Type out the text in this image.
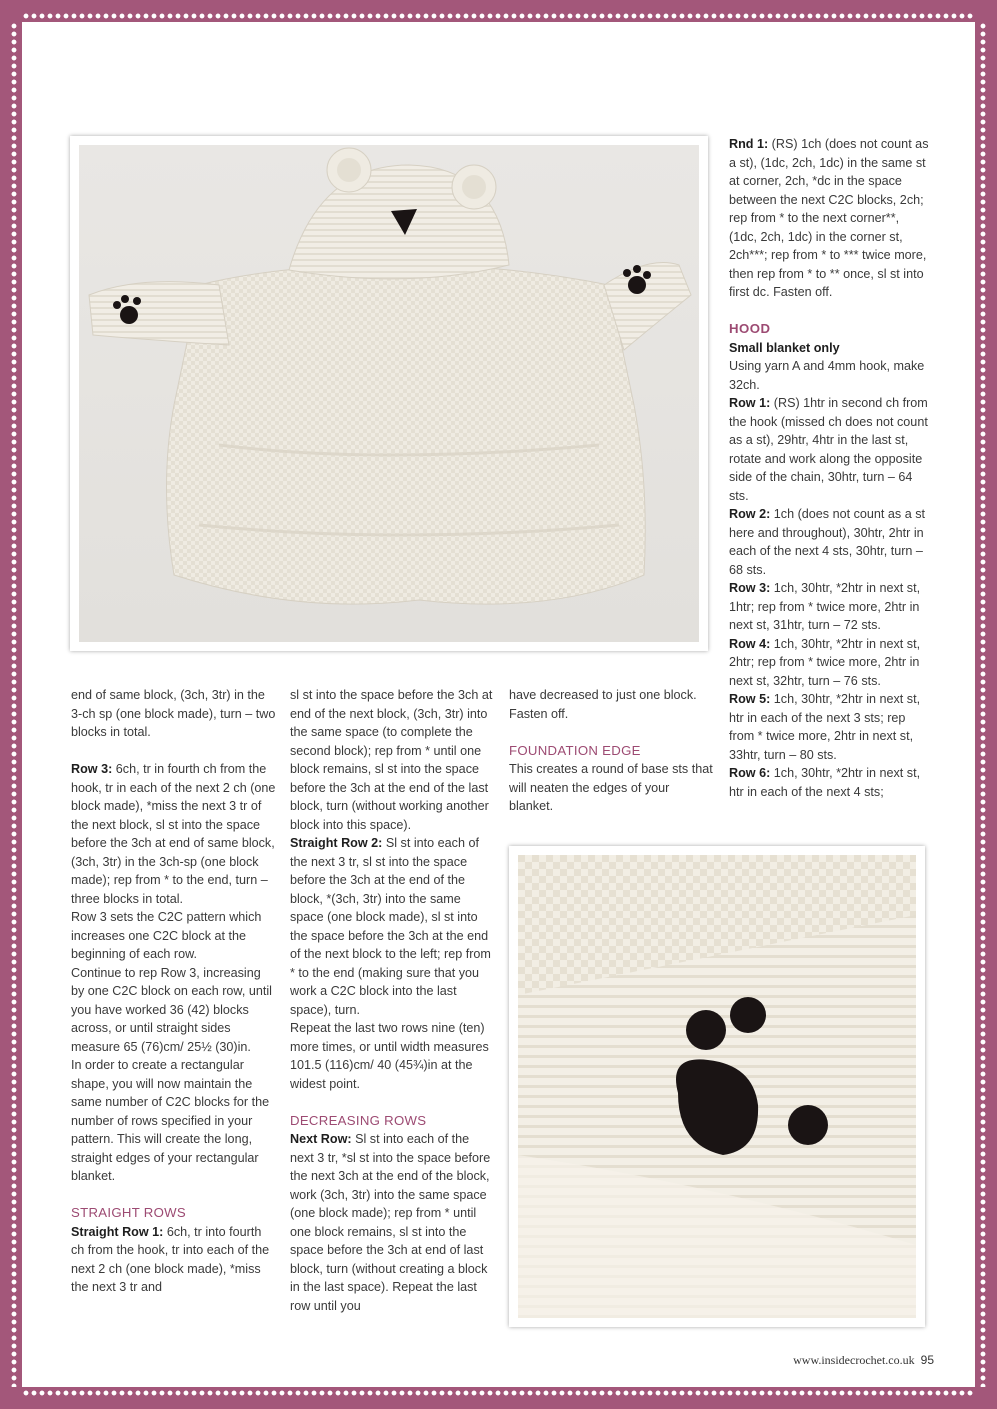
end of same block, (3ch, 3tr) in the 3-ch sp (one block made), turn – two blocks in total.

Row 3: 6ch, tr in fourth ch from the hook, tr in each of the next 2 ch (one block made), *miss the next 3 tr of the next block, sl st into the space before the 3ch at end of same block, (3ch, 3tr) in the 3ch-sp (one block made); rep from * to the end, turn – three blocks in total.

Row 3 sets the C2C pattern which increases one C2C block at the beginning of each row.

Continue to rep Row 3, increasing by one C2C block on each row, until you have worked 36 (42) blocks across, or until straight sides measure 65 (76)cm/ 25½ (30)in.

In order to create a rectangular shape, you will now maintain the same number of C2C blocks for the number of rows specified in your pattern. This will create the long, straight edges of your rectangular blanket.

STRAIGHT ROWS

Straight Row 1: 6ch, tr into fourth ch from the hook, tr into each of the next 2 ch (one block made), *miss the next 3 tr and

sl st into the space before the 3ch at end of the next block, (3ch, 3tr) into the same space (to complete the second block); rep from * until one block remains, sl st into the space before the 3ch at the end of the last block, turn (without working another block into this space).

Straight Row 2: Sl st into each of the next 3 tr, sl st into the space before the 3ch at the end of the block, *(3ch, 3tr) into the same space (one block made), sl st into the space before the 3ch at the end of the next block to the left; rep from * to the end (making sure that you work a C2C block into the last space), turn.

Repeat the last two rows nine (ten) more times, or until width measures 101.5 (116)cm/ 40 (45¾)in at the widest point.

DECREASING ROWS

Next Row: Sl st into each of the next 3 tr, *sl st into the space before the next 3ch at the end of the block, work (3ch, 3tr) into the same space (one block made); rep from * until one block remains, sl st into the space before the 3ch at end of last block, turn (without creating a block in the last space). Repeat the last row until you

have decreased to just one block. Fasten off.

FOUNDATION EDGE

This creates a round of base sts that will neaten the edges of your blanket.

Rnd 1: (RS) 1ch (does not count as a st), (1dc, 2ch, 1dc) in the same st at corner, 2ch, *dc in the space between the next C2C blocks, 2ch; rep from * to the next corner**, (1dc, 2ch, 1dc) in the corner st, 2ch***; rep from * to *** twice more, then rep from * to ** once, sl st into first dc. Fasten off.

HOOD

Small blanket only

Using yarn A and 4mm hook, make 32ch.

Row 1: (RS) 1htr in second ch from the hook (missed ch does not count as a st), 29htr, 4htr in the last st, rotate and work along the opposite side of the chain, 30htr, turn – 64 sts.

Row 2: 1ch (does not count as a st here and throughout), 30htr, 2htr in each of the next 4 sts, 30htr, turn – 68 sts.

Row 3: 1ch, 30htr, *2htr in next st, 1htr; rep from * twice more, 2htr in next st, 31htr, turn – 72 sts.

Row 4: 1ch, 30htr, *2htr in next st, 2htr; rep from * twice more, 2htr in next st, 32htr, turn – 76 sts.

Row 5: 1ch, 30htr, *2htr in next st, htr in each of the next 3 sts; rep from * twice more, 2htr in next st, 33htr, turn – 80 sts.

Row 6: 1ch, 30htr, *2htr in next st, htr in each of the next 4 sts;

www.insidecrochet.co.uk 95
